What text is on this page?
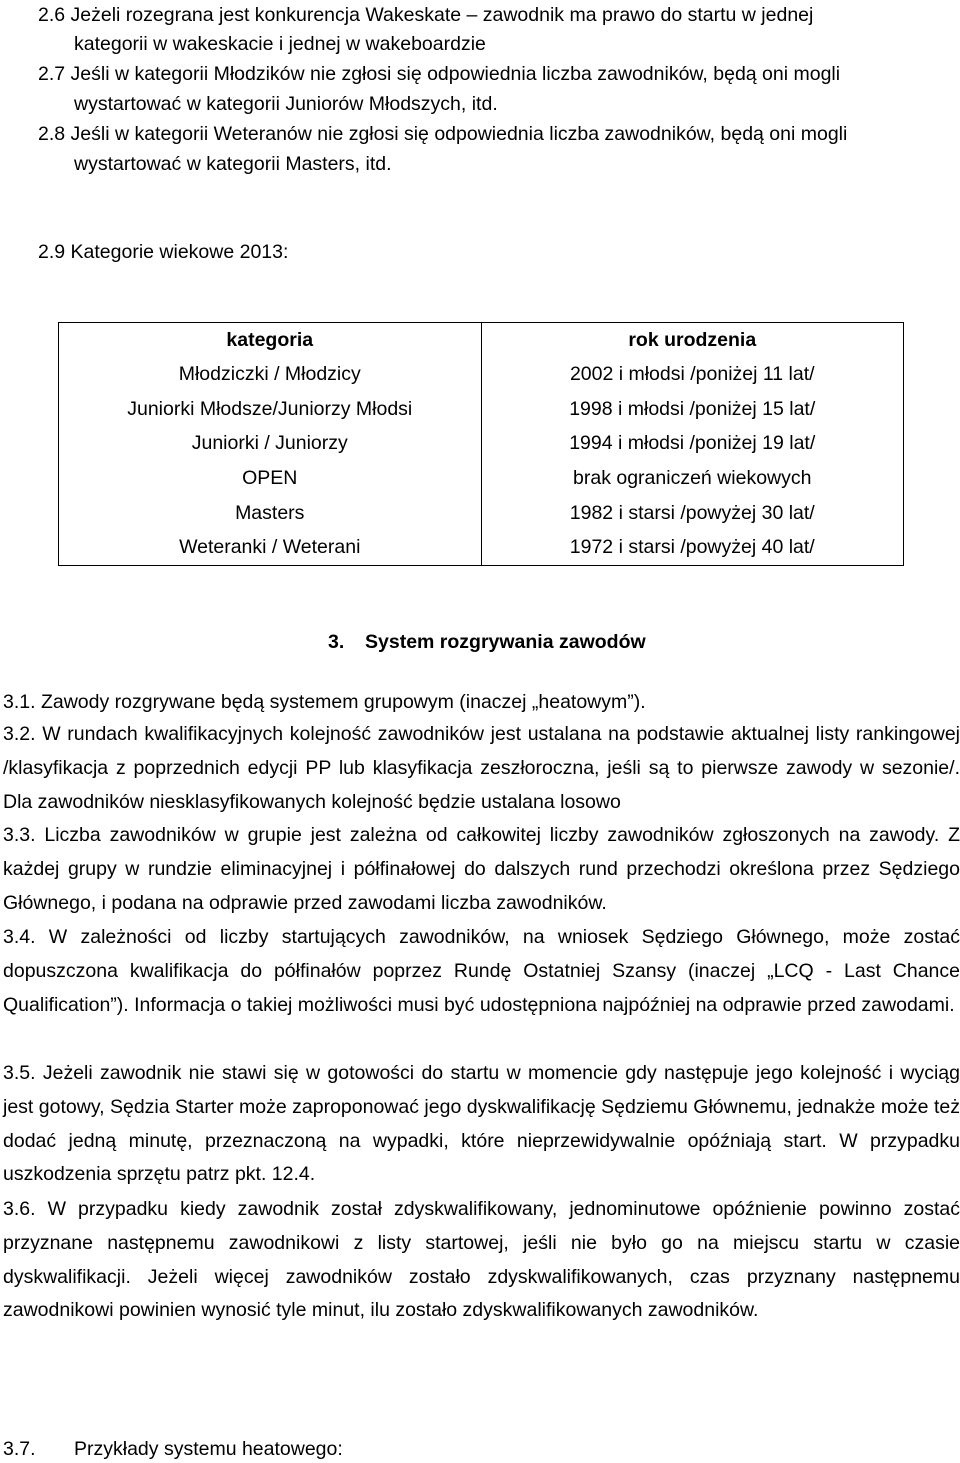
2.6 Jeżeli rozegrana jest konkurencja Wakeskate – zawodnik ma prawo do startu w jednej
kategorii w wakeskacie i jednej w wakeboardzie
2.7 Jeśli w kategorii Młodzików nie zgłosi się odpowiednia liczba zawodników, będą oni mogli
wystartować w kategorii Juniorów Młodszych, itd.
2.8 Jeśli w kategorii Weteranów nie zgłosi się odpowiednia liczba zawodników, będą oni mogli
wystartować w kategorii Masters, itd.
2.9 Kategorie wiekowe 2013:
kategoria	rok urodzenia
Młodziczki / Młodzicy	2002 i młodsi /poniżej 11 lat/
Juniorki Młodsze/Juniorzy Młodsi	1998 i młodsi /poniżej 15 lat/
Juniorki / Juniorzy	1994 i młodsi /poniżej 19 lat/
OPEN	brak ograniczeń wiekowych
Masters	1982 i starsi /powyżej 30 lat/
Weteranki / Weterani	1972 i starsi /powyżej 40 lat/
3. System rozgrywania zawodów
3.1. Zawody rozgrywane będą systemem grupowym (inaczej „heatowym”).
3.2. W rundach kwalifikacyjnych kolejność zawodników jest ustalana na podstawie aktualnej listy rankingowej /klasyfikacja z poprzednich edycji PP lub klasyfikacja zeszłoroczna, jeśli są to pierwsze zawody w sezonie/. Dla zawodników niesklasyfikowanych kolejność będzie ustalana losowo
3.3. Liczba zawodników w grupie jest zależna od całkowitej liczby zawodników zgłoszonych na zawody. Z każdej grupy w rundzie eliminacyjnej i półfinałowej do dalszych rund przechodzi określona przez Sędziego Głównego, i podana na odprawie przed zawodami liczba zawodników.
3.4. W zależności od liczby startujących zawodników, na wniosek Sędziego Głównego, może zostać dopuszczona kwalifikacja do półfinałów poprzez Rundę Ostatniej Szansy (inaczej „LCQ - Last Chance Qualification”). Informacja o takiej możliwości musi być udostępniona najpóźniej na odprawie przed zawodami.
3.5. Jeżeli zawodnik nie stawi się w gotowości do startu w momencie gdy następuje jego kolejność i wyciąg jest gotowy, Sędzia Starter może zaproponować jego dyskwalifikację Sędziemu Głównemu, jednakże może też dodać jedną minutę, przeznaczoną na wypadki, które nieprzewidywalnie opóźniają start. W przypadku uszkodzenia sprzętu patrz pkt. 12.4.
3.6. W przypadku kiedy zawodnik został zdyskwalifikowany, jednominutowe opóźnienie powinno zostać przyznane następnemu zawodnikowi z listy startowej, jeśli nie było go na miejscu startu w czasie dyskwalifikacji. Jeżeli więcej zawodników zostało zdyskwalifikowanych, czas przyznany następnemu zawodnikowi powinien wynosić tyle minut, ilu zostało zdyskwalifikowanych zawodników.
3.7. Przykłady systemu heatowego:
